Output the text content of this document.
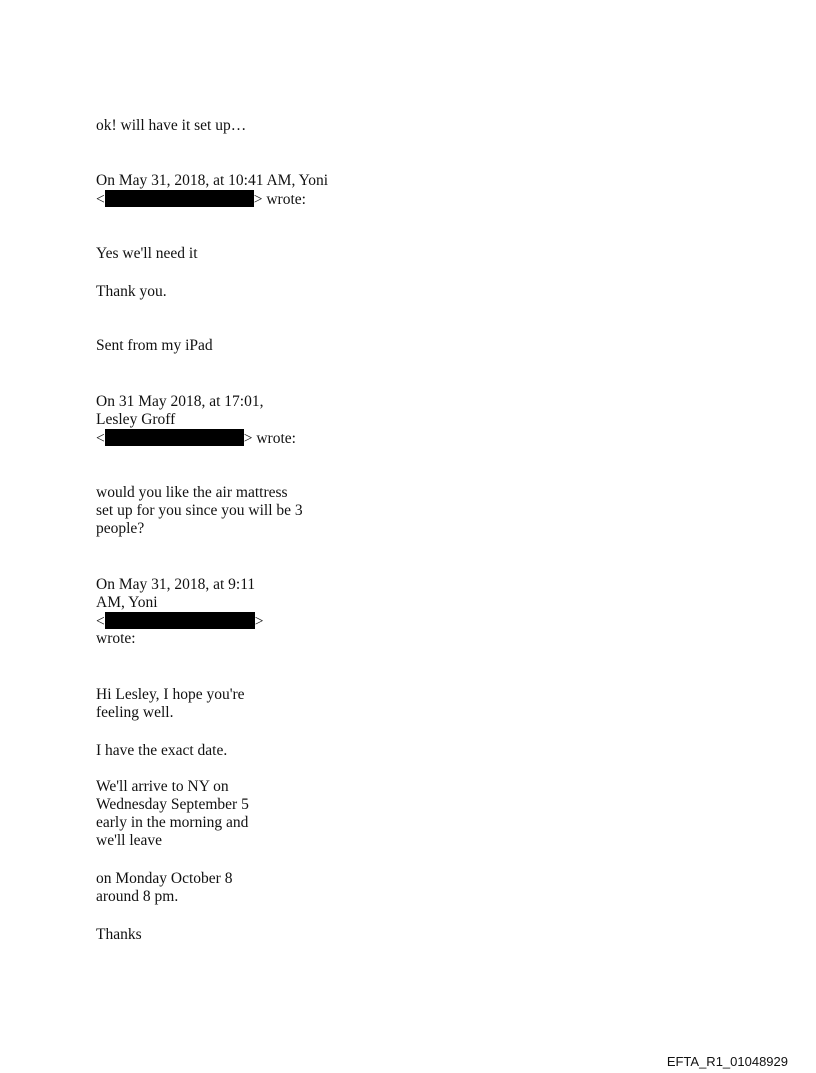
ok! will have it set up…
On May 31, 2018, at 10:41 AM, Yoni
<	> wrote:
Yes we'll need it
Thank you.
Sent from my iPad
On 31 May 2018, at 17:01,
Lesley Groff
<	> wrote:
would you like the air mattress
set up for you since you will be 3
people?
On May 31, 2018, at 9:11
AM, Yoni
<	>
wrote:
Hi Lesley, I hope you're
feeling well.
I have the exact date.
We'll arrive to NY on
Wednesday September 5
early in the morning and
we'll leave
on Monday October 8
around 8 pm.
Thanks
EFTA_R1_01048929
